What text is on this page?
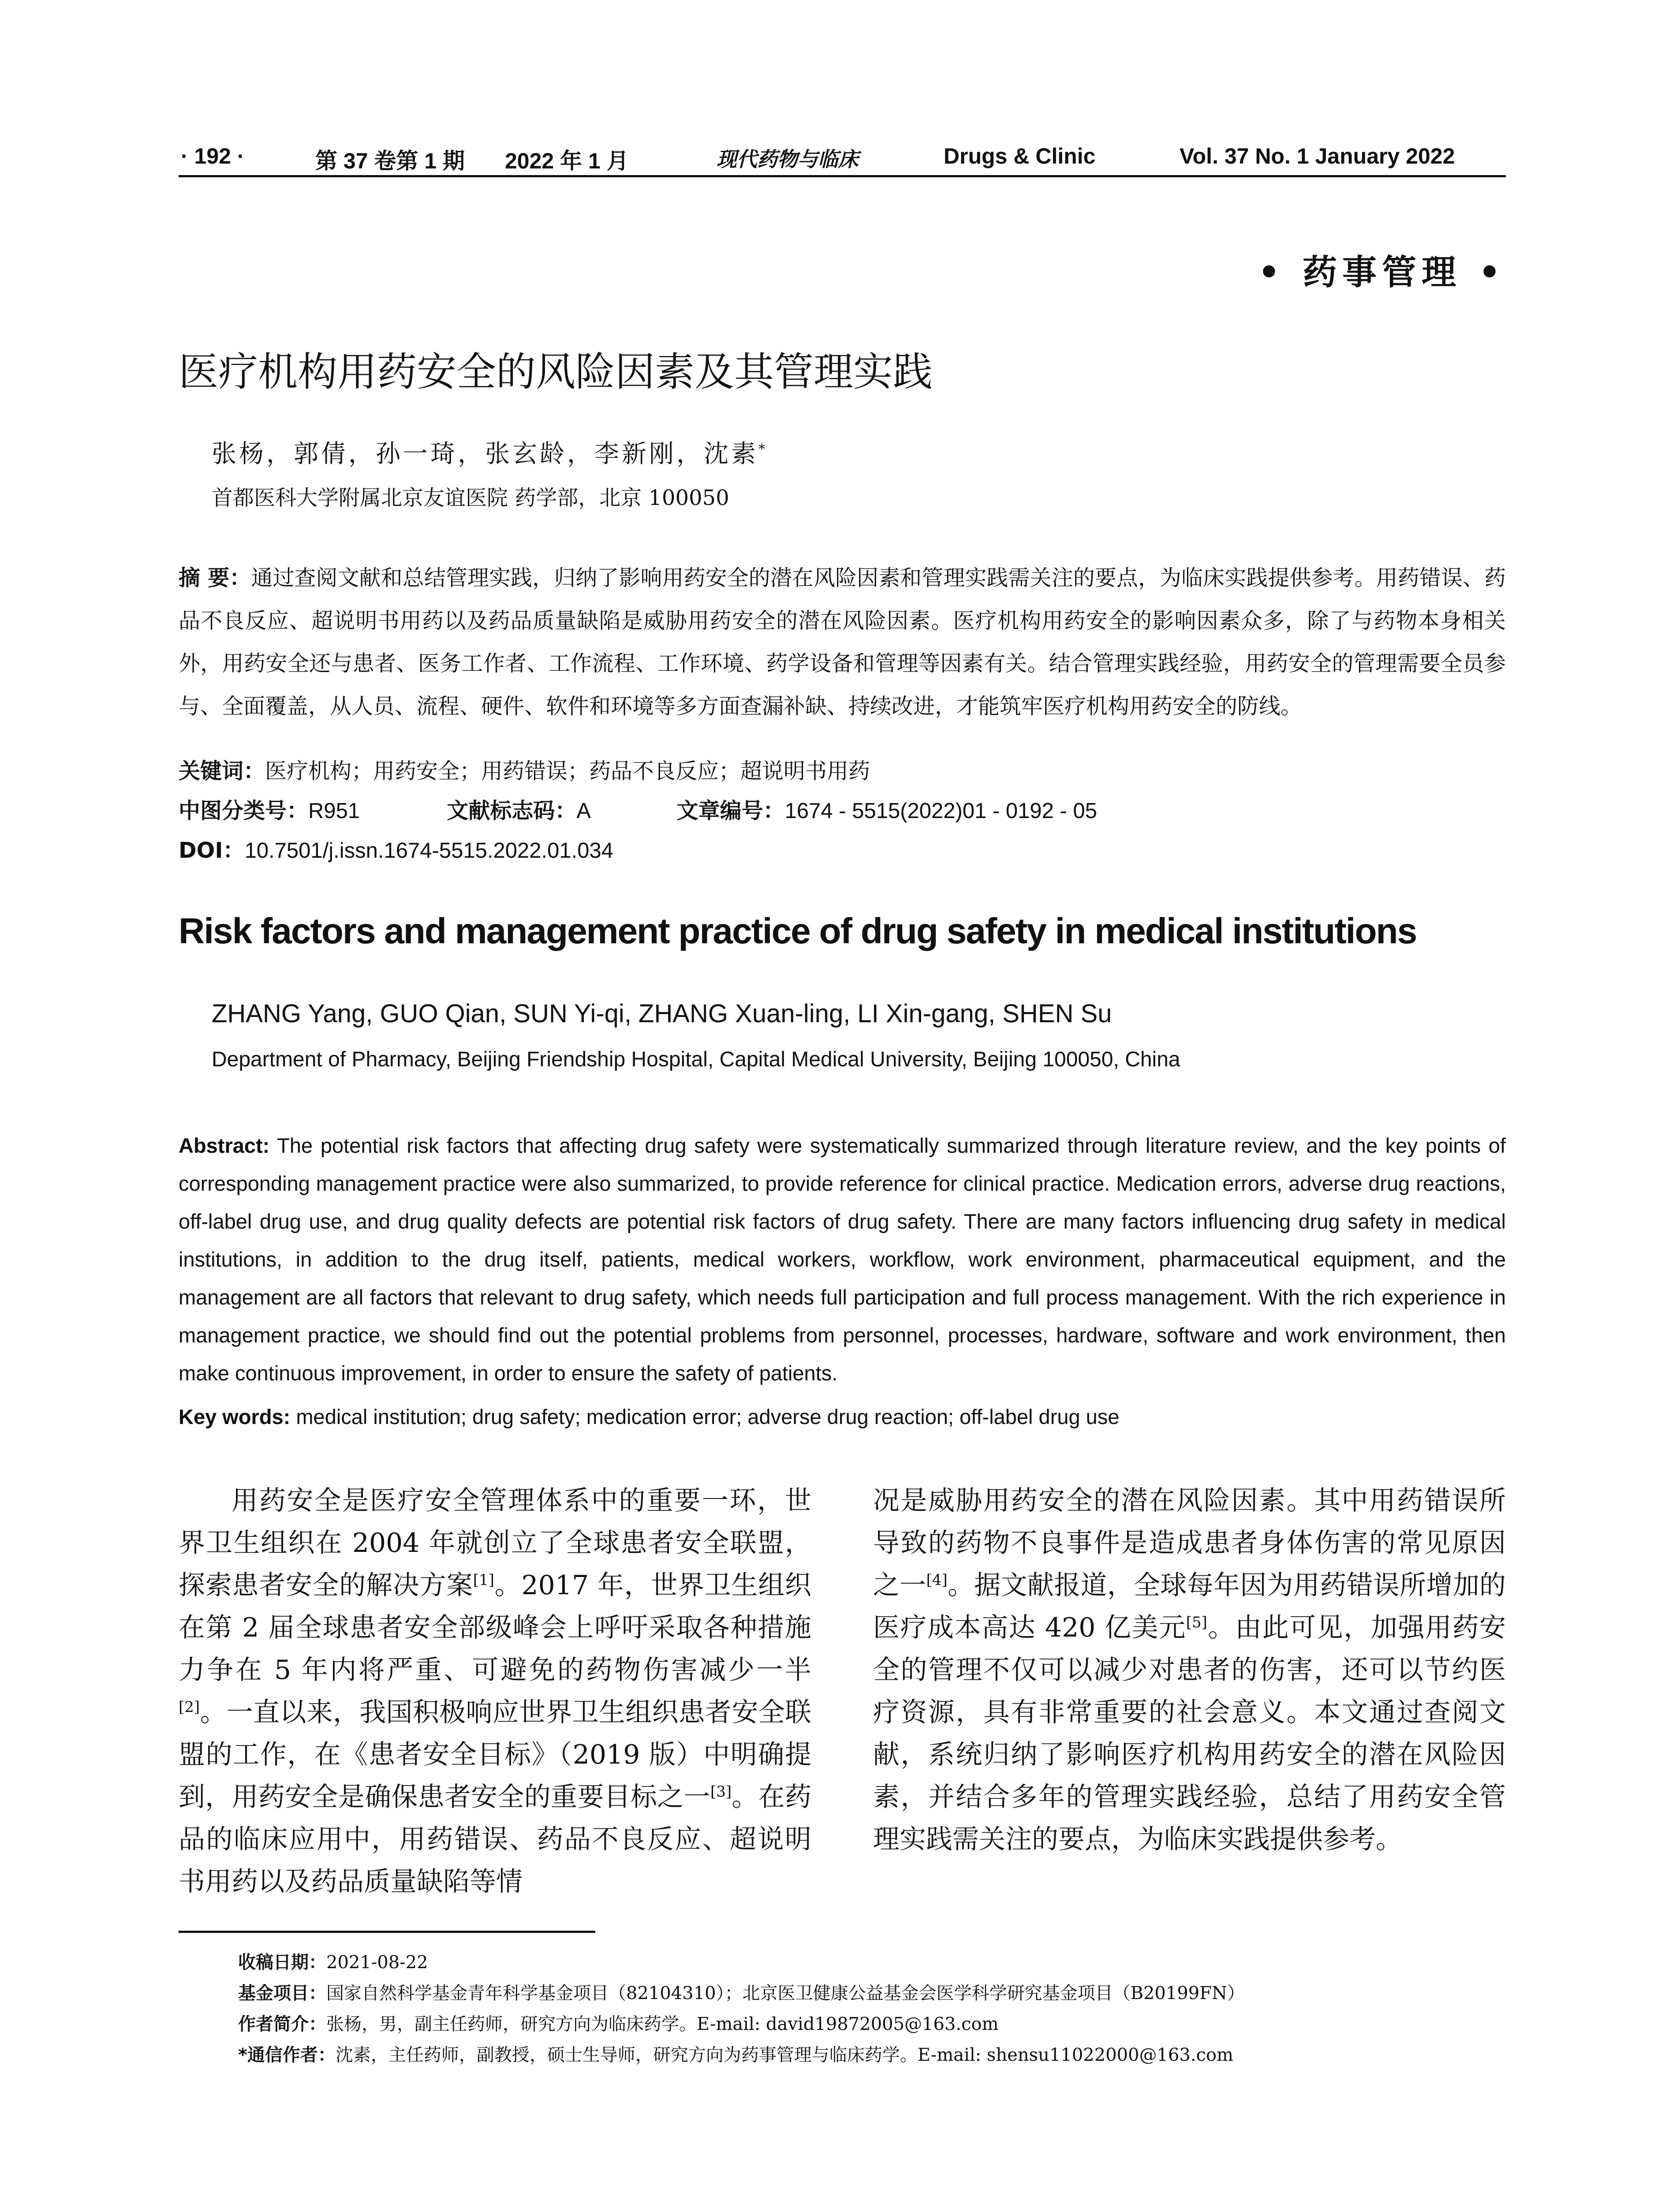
· 192 ·	第 37 卷第 1 期 2022 年 1 月	现代药物与临床	Drugs & Clinic	Vol. 37 No. 1 January 2022
• 药事管理 •
医疗机构用药安全的风险因素及其管理实践
张杨，郭倩，孙一琦，张玄龄，李新刚，沈素*
首都医科大学附属北京友谊医院 药学部，北京 100050
摘 要：通过查阅文献和总结管理实践，归纳了影响用药安全的潜在风险因素和管理实践需关注的要点，为临床实践提供参考。用药错误、药品不良反应、超说明书用药以及药品质量缺陷是威胁用药安全的潜在风险因素。医疗机构用药安全的影响因素众多，除了与药物本身相关外，用药安全还与患者、医务工作者、工作流程、工作环境、药学设备和管理等因素有关。结合管理实践经验，用药安全的管理需要全员参与、全面覆盖，从人员、流程、硬件、软件和环境等多方面查漏补缺、持续改进，才能筑牢医疗机构用药安全的防线。
关键词：医疗机构；用药安全；用药错误；药品不良反应；超说明书用药
中图分类号：R951	文献标志码：A	文章编号：1674 - 5515(2022)01 - 0192 - 05
DOI：10.7501/j.issn.1674-5515.2022.01.034
Risk factors and management practice of drug safety in medical institutions
ZHANG Yang, GUO Qian, SUN Yi-qi, ZHANG Xuan-ling, LI Xin-gang, SHEN Su
Department of Pharmacy, Beijing Friendship Hospital, Capital Medical University, Beijing 100050, China
Abstract: The potential risk factors that affecting drug safety were systematically summarized through literature review, and the key points of corresponding management practice were also summarized, to provide reference for clinical practice. Medication errors, adverse drug reactions, off-label drug use, and drug quality defects are potential risk factors of drug safety. There are many factors influencing drug safety in medical institutions, in addition to the drug itself, patients, medical workers, workflow, work environment, pharmaceutical equipment, and the management are all factors that relevant to drug safety, which needs full participation and full process management. With the rich experience in management practice, we should find out the potential problems from personnel, processes, hardware, software and work environment, then make continuous improvement, in order to ensure the safety of patients.
Key words: medical institution; drug safety; medication error; adverse drug reaction; off-label drug use
用药安全是医疗安全管理体系中的重要一环，世界卫生组织在 2004 年就创立了全球患者安全联盟，探索患者安全的解决方案[1]。2017 年，世界卫生组织在第 2 届全球患者安全部级峰会上呼吁采取各种措施力争在 5 年内将严重、可避免的药物伤害减少一半[2]。一直以来，我国积极响应世界卫生组织患者安全联盟的工作，在《患者安全目标》（2019 版）中明确提到，用药安全是确保患者安全的重要目标之一[3]。在药品的临床应用中，用药错误、药品不良反应、超说明书用药以及药品质量缺陷等情
况是威胁用药安全的潜在风险因素。其中用药错误所导致的药物不良事件是造成患者身体伤害的常见原因之一[4]。据文献报道，全球每年因为用药错误所增加的医疗成本高达 420 亿美元[5]。由此可见，加强用药安全的管理不仅可以减少对患者的伤害，还可以节约医疗资源，具有非常重要的社会意义。本文通过查阅文献，系统归纳了影响医疗机构用药安全的潜在风险因素，并结合多年的管理实践经验，总结了用药安全管理实践需关注的要点，为临床实践提供参考。
收稿日期：2021-08-22
基金项目：国家自然科学基金青年科学基金项目（82104310）；北京医卫健康公益基金会医学科学研究基金项目（B20199FN）
作者简介：张杨，男，副主任药师，研究方向为临床药学。E-mail: david19872005@163.com
*通信作者：沈素，主任药师，副教授，硕士生导师，研究方向为药事管理与临床药学。E-mail: shensu11022000@163.com
